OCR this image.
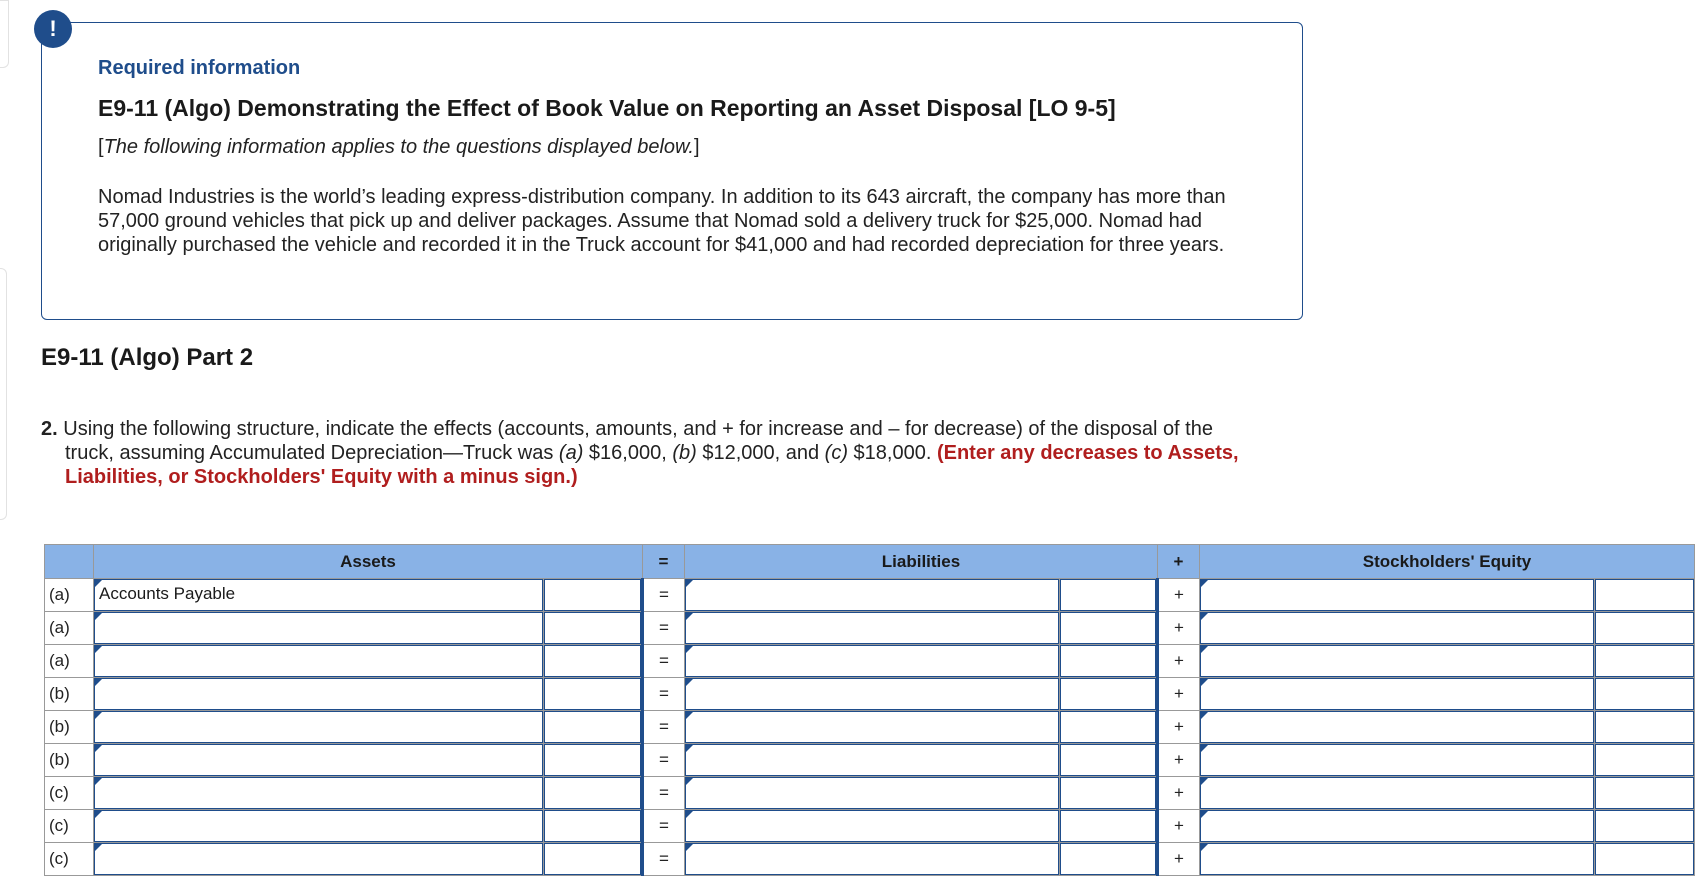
!
Required information
E9-11 (Algo) Demonstrating the Effect of Book Value on Reporting an Asset Disposal [LO 9-5]
[The following information applies to the questions displayed below.]
Nomad Industries is the world’s leading express-distribution company. In addition to its 643 aircraft, the company has more than 57,000 ground vehicles that pick up and deliver packages. Assume that Nomad sold a delivery truck for $25,000. Nomad had originally purchased the vehicle and recorded it in the Truck account for $41,000 and had recorded depreciation for three years.
E9-11 (Algo) Part 2
2. Using the following structure, indicate the effects (accounts, amounts, and + for increase and – for decrease) of the disposal of the
truck, assuming Accumulated Depreciation—Truck was (a) $16,000, (b) $12,000, and (c) $18,000. (Enter any decreases to Assets, Liabilities, or Stockholders' Equity with a minus sign.)
	Assets		=	Liabilities		+	Stockholders' Equity	
(a)	Accounts Payable		=			+	

(a)			=			+	

(a)			=			+	

(b)			=			+	

(b)			=			+	

(b)			=			+	

(c)			=			+	

(c)			=			+	

(c)			=			+	
